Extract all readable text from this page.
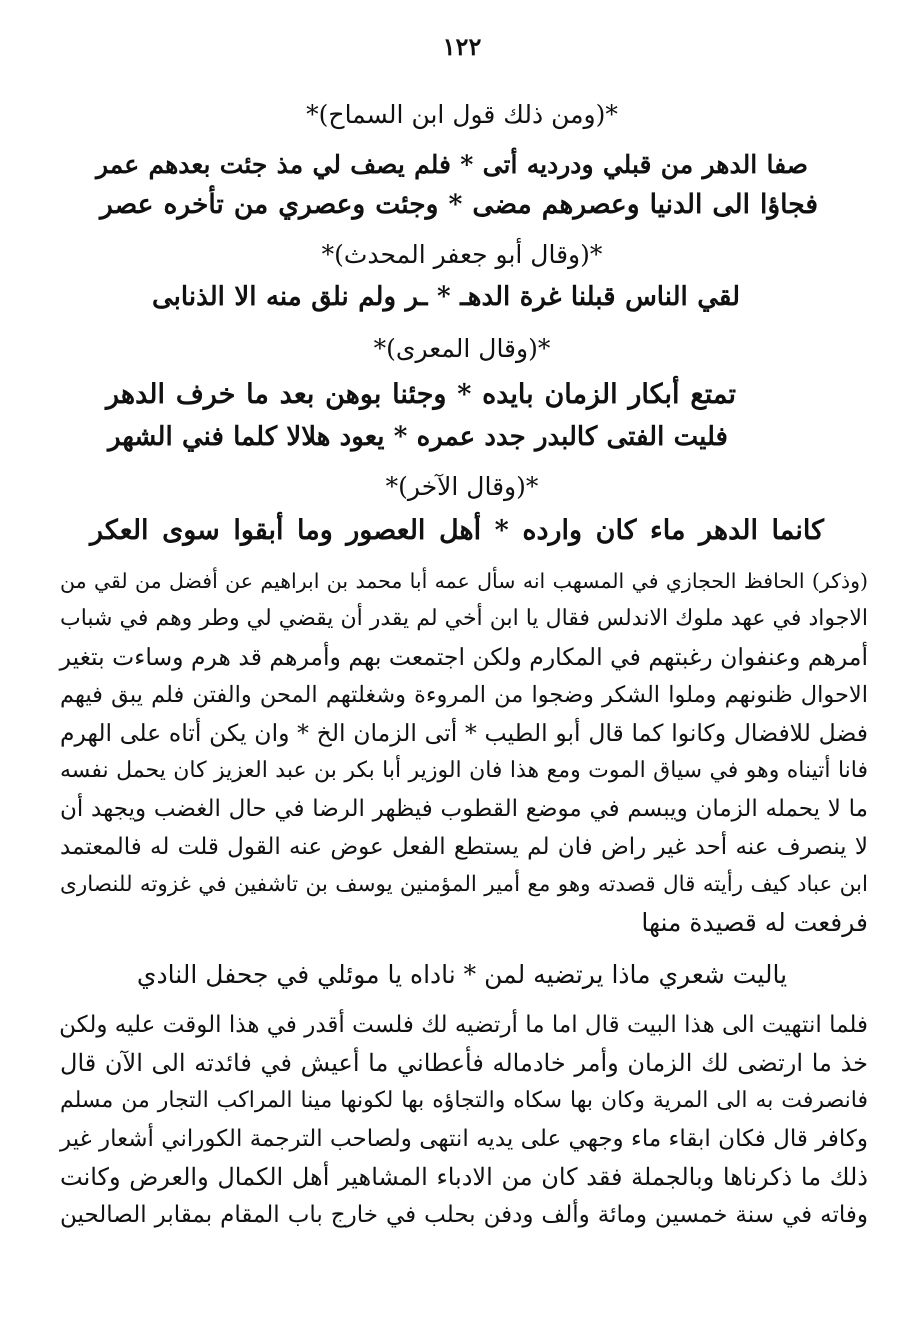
١٢٢
*(ومن ذلك قول ابن السماح)*
صفا الدهر من قبلي ودرديه أتى * فلم يصف لي مذ جئت بعدهم عمر
فجاؤا الى الدنيا وعصرهم مضى * وجئت وعصري من تأخره عصر
*(وقال أبو جعفر المحدث)*
لقي الناس قبلنا غرة الدهـ * ـر ولم نلق منه الا الذنابى
*(وقال المعرى)*
تمتع أبكار الزمان بايده * وجئنا بوهن بعد ما خرف الدهر
فليت الفتى كالبدر جدد عمره * يعود هلالا كلما فني الشهر
*(وقال الآخر)*
كانما الدهر ماء كان وارده * أهل العصور وما أبقوا سوى العكر
(وذكر) الحافظ الحجازي في المسهب انه سأل عمه أبا محمد بن ابراهيم عن أفضل من لقي من
الاجواد في عهد ملوك الاندلس فقال يا ابن أخي لم يقدر أن يقضي لي وطر وهم في شباب
أمرهم وعنفوان رغبتهم في المكارم ولكن اجتمعت بهم وأمرهم قد هرم وساءت بتغير
الاحوال ظنونهم وملوا الشكر وضجوا من المروءة وشغلتهم المحن والفتن فلم يبق فيهم
فضل للافضال وكانوا كما قال أبو الطيب * أتى الزمان الخ * وان يكن أتاه على الهرم
فانا أتيناه وهو في سياق الموت ومع هذا فان الوزير أبا بكر بن عبد العزيز كان يحمل نفسه
ما لا يحمله الزمان ويبسم في موضع القطوب فيظهر الرضا في حال الغضب ويجهد أن
لا ينصرف عنه أحد غير راض فان لم يستطع الفعل عوض عنه القول قلت له فالمعتمد
ابن عباد كيف رأيته قال قصدته وهو مع أمير المؤمنين يوسف بن تاشفين في غزوته للنصارى
فرفعت له قصيدة منها
ياليت شعري ماذا يرتضيه لمن * ناداه يا موئلي في جحفل النادي
فلما انتهيت الى هذا البيت قال اما ما أرتضيه لك فلست أقدر في هذا الوقت عليه ولكن
خذ ما ارتضى لك الزمان وأمر خادماله فأعطاني ما أعيش في فائدته الى الآن قال
فانصرفت به الى المرية وكان بها سكاه والتجاؤه بها لكونها مينا المراكب التجار من مسلم
وكافر قال فكان ابقاء ماء وجهي على يديه انتهى ولصاحب الترجمة الكوراني أشعار غير
ذلك ما ذكرناها وبالجملة فقد كان من الادباء المشاهير أهل الكمال والعرض وكانت
وفاته في سنة خمسين ومائة وألف ودفن بحلب في خارج باب المقام بمقابر الصالحين
